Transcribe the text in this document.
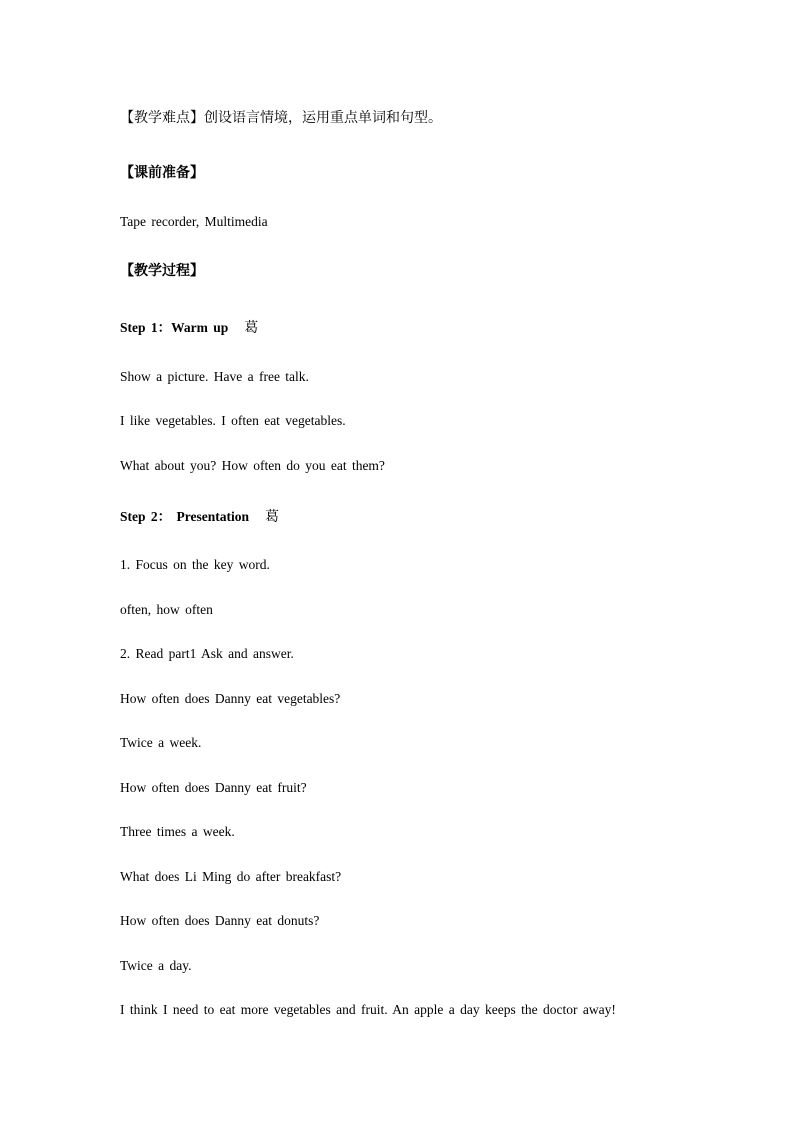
【教学难点】创设语言情境，运用重点单词和句型。
【课前准备】
Tape recorder, Multimedia
【教学过程】
Step 1：Warm up 葛
Show a picture. Have a free talk.
I like vegetables. I often eat vegetables.
What about you? How often do you eat them?
Step 2： Presentation 葛
1. Focus on the key word.
often, how often
2. Read part1 Ask and answer.
How often does Danny eat vegetables?
Twice a week.
How often does Danny eat fruit?
Three times a week.
What does Li Ming do after breakfast?
How often does Danny eat donuts?
Twice a day.
I think I need to eat more vegetables and fruit. An apple a day keeps the doctor away!
